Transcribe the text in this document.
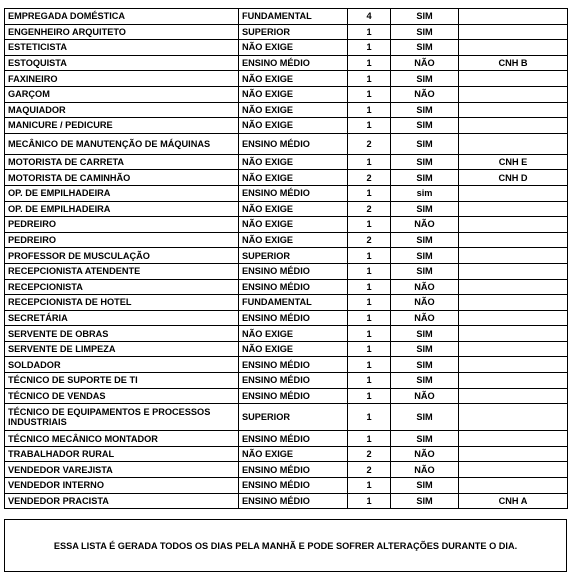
EMPREGADA DOMÉSTICA	FUNDAMENTAL	4	SIM	
ENGENHEIRO ARQUITETO	SUPERIOR	1	SIM	
ESTETICISTA	NÃO EXIGE	1	SIM	
ESTOQUISTA	ENSINO MÉDIO	1	NÃO	CNH B
FAXINEIRO	NÃO EXIGE	1	SIM	
GARÇOM	NÃO EXIGE	1	NÃO	
MAQUIADOR	NÃO EXIGE	1	SIM	
MANICURE / PEDICURE	NÃO EXIGE	1	SIM	
MECÂNICO DE MANUTENÇÃO DE MÁQUINAS	ENSINO MÉDIO	2	SIM	
MOTORISTA DE CARRETA	NÃO EXIGE	1	SIM	CNH E
MOTORISTA DE CAMINHÃO	NÃO EXIGE	2	SIM	CNH D
OP. DE EMPILHADEIRA	ENSINO MÉDIO	1	sim	
OP. DE EMPILHADEIRA	NÃO EXIGE	2	SIM	
PEDREIRO	NÃO EXIGE	1	NÃO	
PEDREIRO	NÃO EXIGE	2	SIM	
PROFESSOR DE MUSCULAÇÃO	SUPERIOR	1	SIM	
RECEPCIONISTA ATENDENTE	ENSINO MÉDIO	1	SIM	
RECEPCIONISTA	ENSINO MÉDIO	1	NÃO	
RECEPCIONISTA DE HOTEL	FUNDAMENTAL	1	NÃO	
SECRETÁRIA	ENSINO MÉDIO	1	NÃO	
SERVENTE DE OBRAS	NÃO EXIGE	1	SIM	
SERVENTE DE LIMPEZA	NÃO EXIGE	1	SIM	
SOLDADOR	ENSINO MÉDIO	1	SIM	
TÉCNICO DE SUPORTE DE TI	ENSINO MÉDIO	1	SIM	
TÉCNICO DE VENDAS	ENSINO MÉDIO	1	NÃO	
TÉCNICO DE EQUIPAMENTOS E PROCESSOS INDUSTRIAIS	SUPERIOR	1	SIM	
TÉCNICO MECÂNICO MONTADOR	ENSINO MÉDIO	1	SIM	
TRABALHADOR RURAL	NÃO EXIGE	2	NÃO	
VENDEDOR VAREJISTA	ENSINO MÉDIO	2	NÃO	
VENDEDOR INTERNO	ENSINO MÉDIO	1	SIM	
VENDEDOR PRACISTA	ENSINO MÉDIO	1	SIM	CNH A
ESSA LISTA É GERADA TODOS OS DIAS PELA MANHÃ E PODE SOFRER ALTERAÇÕES DURANTE O DIA.
